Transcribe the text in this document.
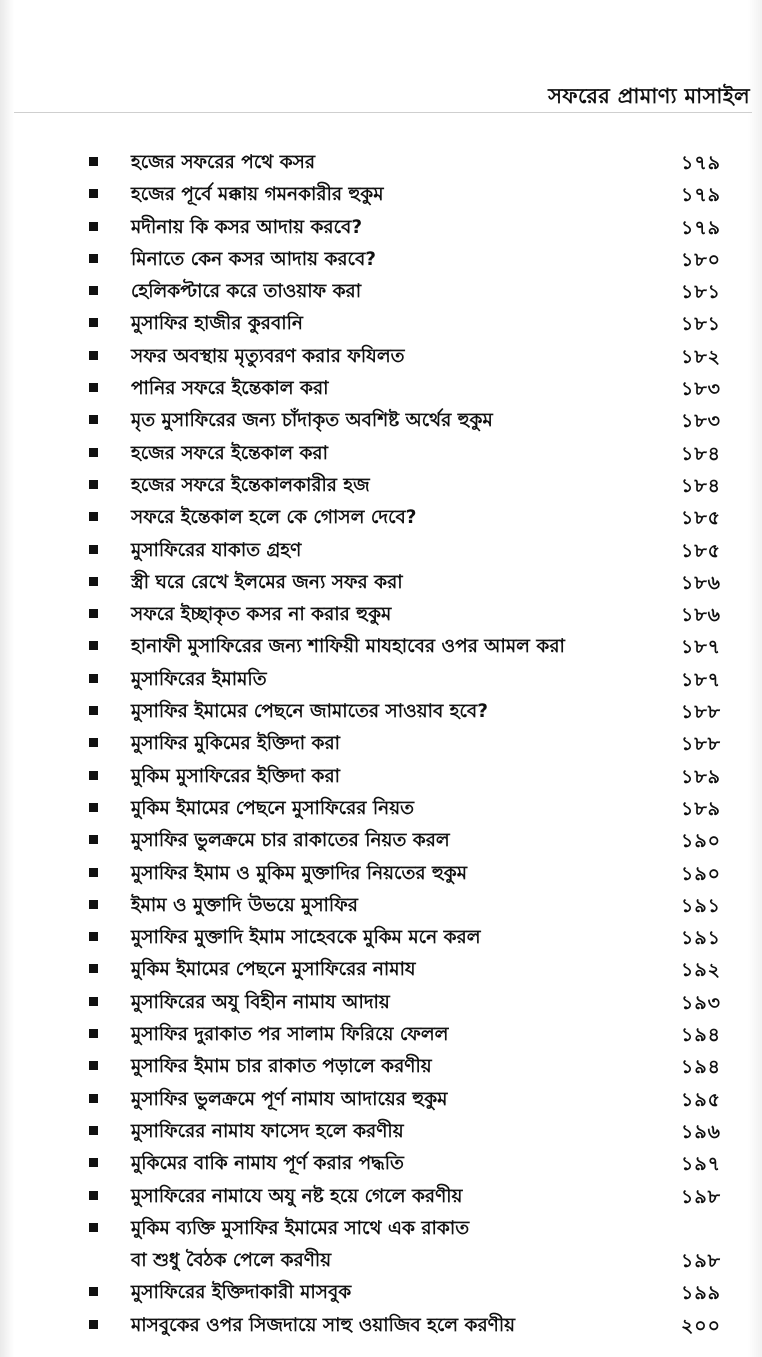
সফরের প্রামাণ্য মাসাইল
হজের সফরের পথে কসর	১৭৯
হজের পূর্বে মক্কায় গমনকারীর হুকুম	১৭৯
মদীনায় কি কসর আদায় করবে?	১৭৯
মিনাতে কেন কসর আদায় করবে?	১৮০
হেলিকপ্টারে করে তাওয়াফ করা	১৮১
মুসাফির হাজীর কুরবানি	১৮১
সফর অবস্থায় মৃত্যুবরণ করার ফযিলত	১৮২
পানির সফরে ইন্তেকাল করা	১৮৩
মৃত মুসাফিরের জন্য চাঁদাকৃত অবশিষ্ট অর্থের হুকুম	১৮৩
হজের সফরে ইন্তেকাল করা	১৮৪
হজের সফরে ইন্তেকালকারীর হজ	১৮৪
সফরে ইন্তেকাল হলে কে গোসল দেবে?	১৮৫
মুসাফিরের যাকাত গ্রহণ	১৮৫
স্ত্রী ঘরে রেখে ইলমের জন্য সফর করা	১৮৬
সফরে ইচ্ছাকৃত কসর না করার হুকুম	১৮৬
হানাফী মুসাফিরের জন্য শাফিয়ী মাযহাবের ওপর আমল করা	১৮৭
মুসাফিরের ইমামতি	১৮৭
মুসাফির ইমামের পেছনে জামাতের সাওয়াব হবে?	১৮৮
মুসাফির মুকিমের ইক্তিদা করা	১৮৮
মুকিম মুসাফিরের ইক্তিদা করা	১৮৯
মুকিম ইমামের পেছনে মুসাফিরের নিয়ত	১৮৯
মুসাফির ভুলক্রমে চার রাকাতের নিয়ত করল	১৯০
মুসাফির ইমাম ও মুকিম মুক্তাদির নিয়তের হুকুম	১৯০
ইমাম ও মুক্তাদি উভয়ে মুসাফির	১৯১
মুসাফির মুক্তাদি ইমাম সাহেবকে মুকিম মনে করল	১৯১
মুকিম ইমামের পেছনে মুসাফিরের নামায	১৯২
মুসাফিরের অযু বিহীন নামায আদায়	১৯৩
মুসাফির দুরাকাত পর সালাম ফিরিয়ে ফেলল	১৯৪
মুসাফির ইমাম চার রাকাত পড়ালে করণীয়	১৯৪
মুসাফির ভুলক্রমে পূর্ণ নামায আদায়ের হুকুম	১৯৫
মুসাফিরের নামায ফাসেদ হলে করণীয়	১৯৬
মুকিমের বাকি নামায পূর্ণ করার পদ্ধতি	১৯৭
মুসাফিরের নামাযে অযু নষ্ট হয়ে গেলে করণীয়	১৯৮
মুকিম ব্যক্তি মুসাফির ইমামের সাথে এক রাকাত
বা শুধু বৈঠক পেলে করণীয়	১৯৮
মুসাফিরের ইক্তিদাকারী মাসবুক	১৯৯
মাসবুকের ওপর সিজদায়ে সাহু ওয়াজিব হলে করণীয়	২০০
